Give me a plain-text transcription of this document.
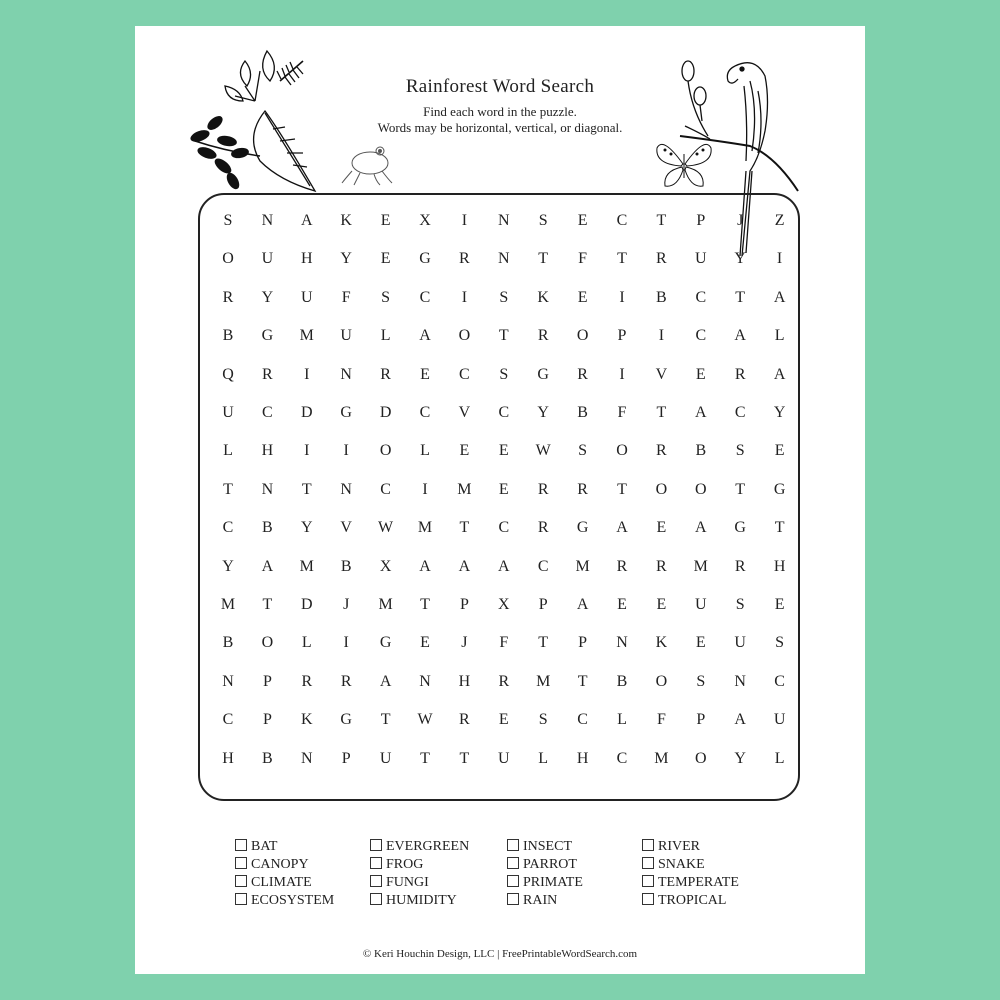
Rainforest Word Search
Find each word in the puzzle.
Words may be horizontal, vertical, or diagonal.
S	N	A	K	E	X	I	N	S	E	C	T	P	J	Z
O	U	H	Y	E	G	R	N	T	F	T	R	U	Y	I
R	Y	U	F	S	C	I	S	K	E	I	B	C	T	A
B	G	M	U	L	A	O	T	R	O	P	I	C	A	L
Q	R	I	N	R	E	C	S	G	R	I	V	E	R	A
U	C	D	G	D	C	V	C	Y	B	F	T	A	C	Y
L	H	I	I	O	L	E	E	W	S	O	R	B	S	E
T	N	T	N	C	I	M	E	R	R	T	O	O	T	G
C	B	Y	V	W	M	T	C	R	G	A	E	A	G	T
Y	A	M	B	X	A	A	A	C	M	R	R	M	R	H
M	T	D	J	M	T	P	X	P	A	E	E	U	S	E
B	O	L	I	G	E	J	F	T	P	N	K	E	U	S
N	P	R	R	A	N	H	R	M	T	B	O	S	N	C
C	P	K	G	T	W	R	E	S	C	L	F	P	A	U
H	B	N	P	U	T	T	U	L	H	C	M	O	Y	L
BAT
CANOPY
CLIMATE
ECOSYSTEM
EVERGREEN
FROG
FUNGI
HUMIDITY
INSECT
PARROT
PRIMATE
RAIN
RIVER
SNAKE
TEMPERATE
TROPICAL
© Keri Houchin Design, LLC | FreePrintableWordSearch.com
